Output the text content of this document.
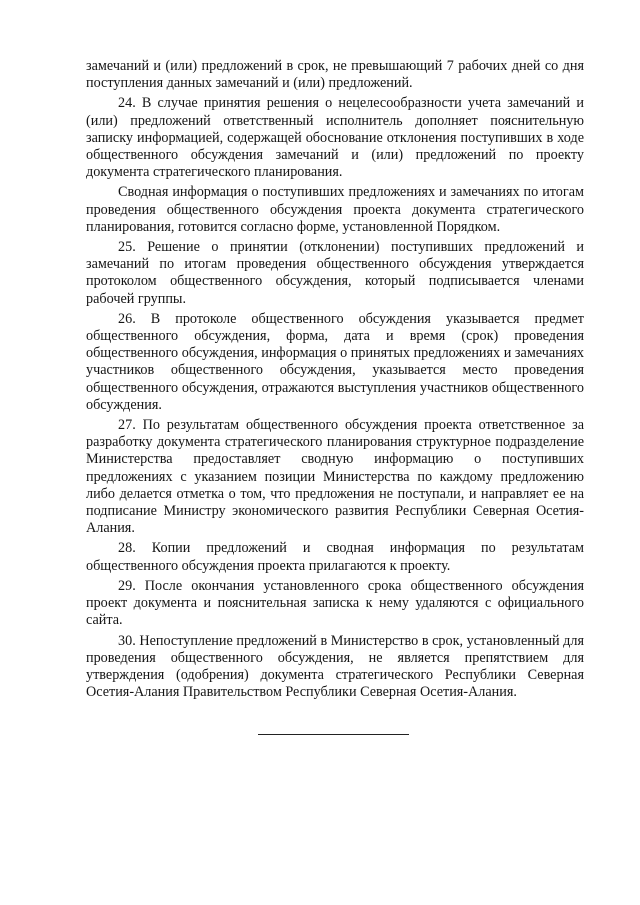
замечаний и (или) предложений в срок, не превышающий 7 рабочих дней со дня поступления данных замечаний и (или) предложений.

24. В случае принятия решения о нецелесообразности учета замечаний и (или) предложений ответственный исполнитель дополняет пояснительную записку информацией, содержащей обоснование отклонения поступивших в ходе общественного обсуждения замечаний и (или) предложений по проекту документа стратегического планирования.

Сводная информация о поступивших предложениях и замечаниях по итогам проведения общественного обсуждения проекта документа стратегического планирования, готовится согласно форме, установленной Порядком.

25. Решение о принятии (отклонении) поступивших предложений и замечаний по итогам проведения общественного обсуждения утверждается протоколом общественного обсуждения, который подписывается членами рабочей группы.

26. В протоколе общественного обсуждения указывается предмет общественного обсуждения, форма, дата и время (срок) проведения общественного обсуждения, информация о принятых предложениях и замечаниях участников общественного обсуждения, указывается место проведения общественного обсуждения, отражаются выступления участников общественного обсуждения.

27. По результатам общественного обсуждения проекта ответственное за разработку документа стратегического планирования структурное подразделение Министерства предоставляет сводную информацию о поступивших предложениях с указанием позиции Министерства по каждому предложению либо делается отметка о том, что предложения не поступали, и направляет ее на подписание Министру экономического развития Республики Северная Осетия-Алания.

28. Копии предложений и сводная информация по результатам общественного обсуждения проекта прилагаются к проекту.

29. После окончания установленного срока общественного обсуждения проект документа и пояснительная записка к нему удаляются с официального сайта.

30. Непоступление предложений в Министерство в срок, установленный для проведения общественного обсуждения, не является препятствием для утверждения (одобрения) документа стратегического Республики Северная Осетия-Алания Правительством Республики Северная Осетия-Алания.
